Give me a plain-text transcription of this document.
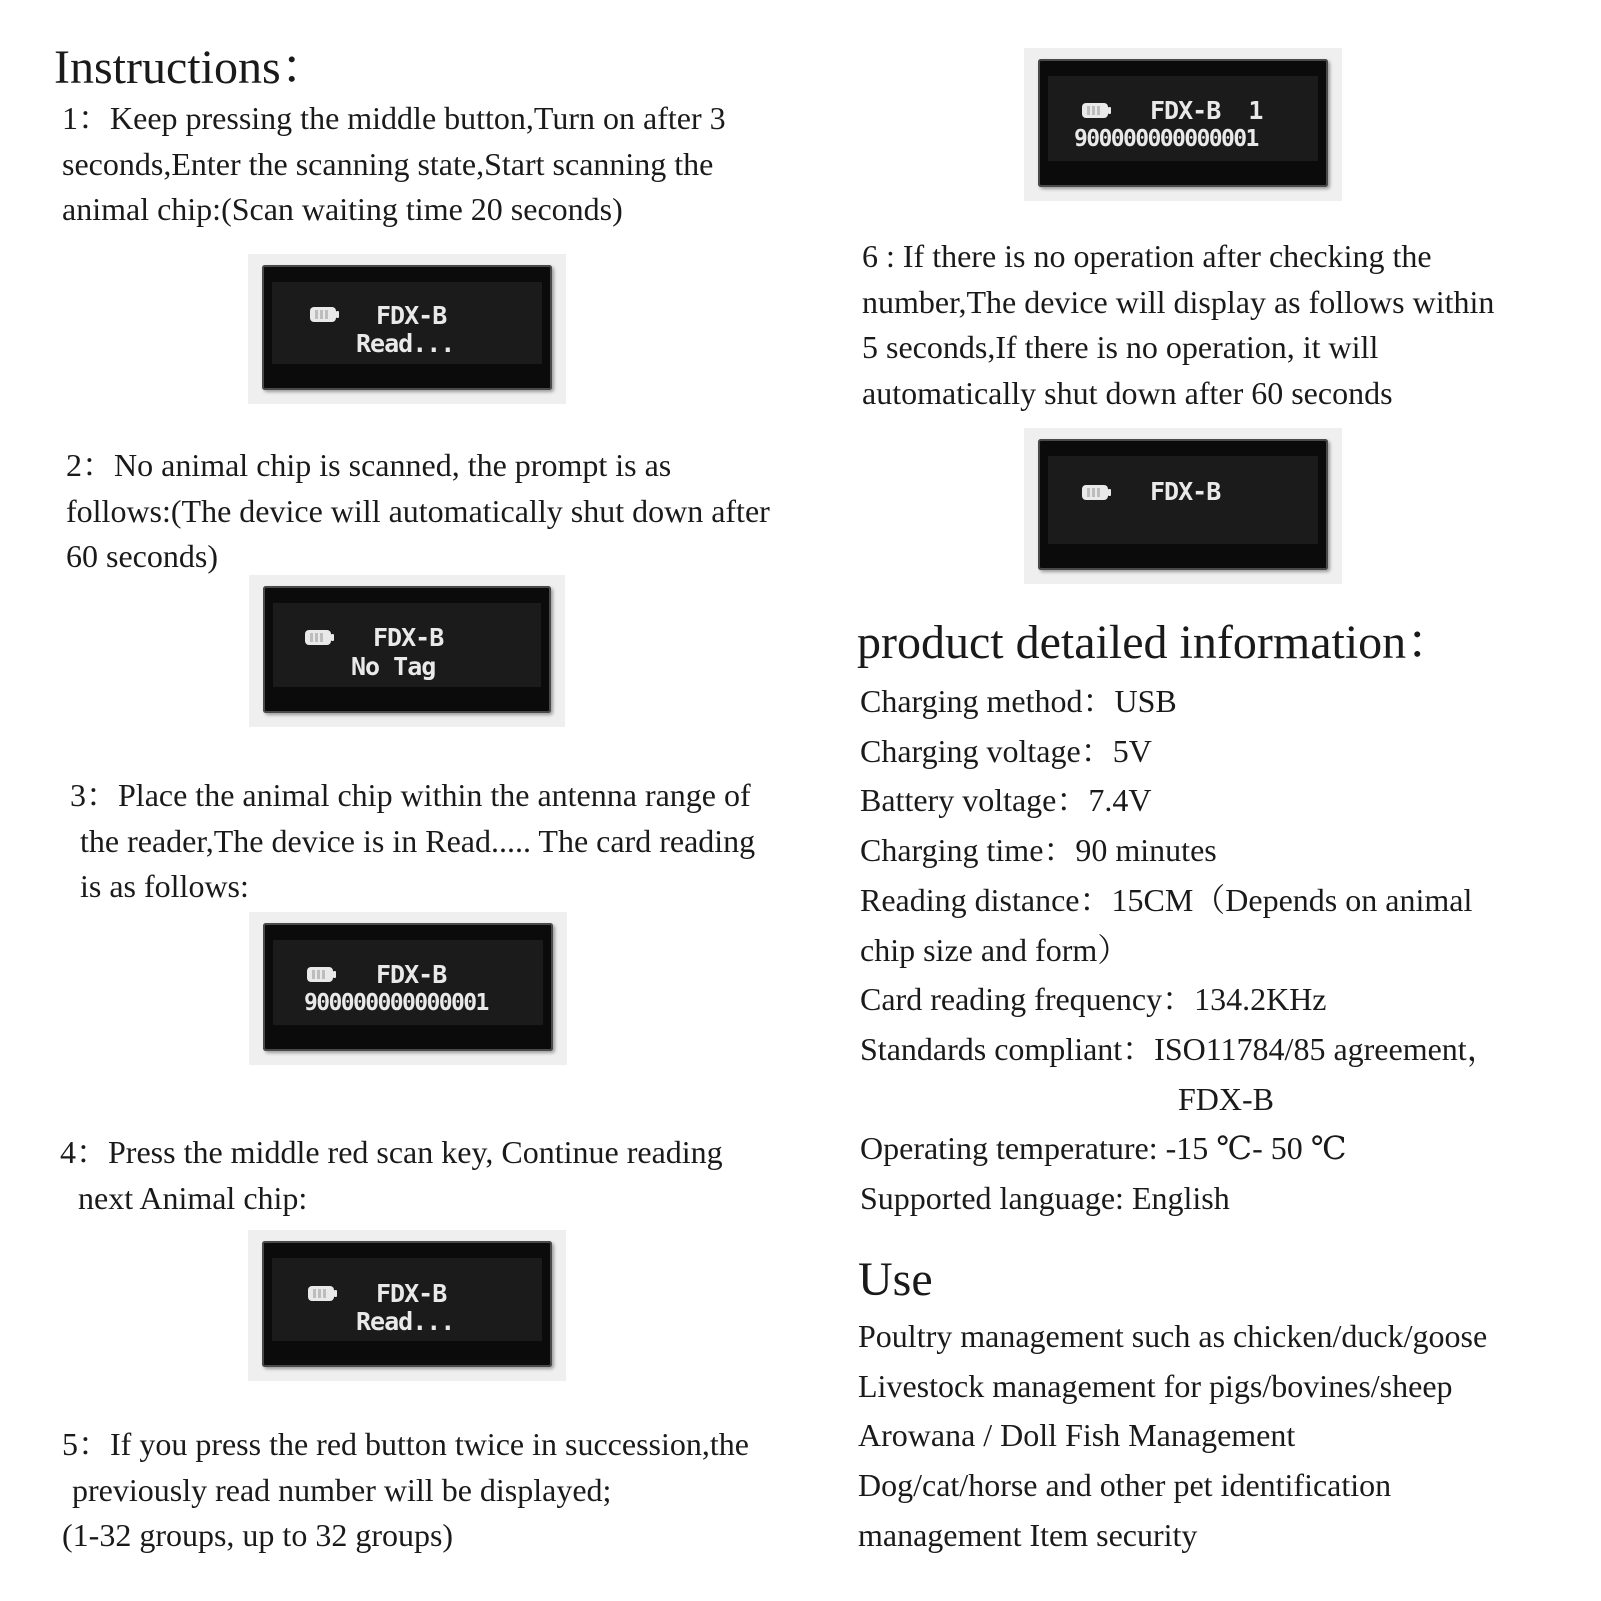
Instructions：
1：Keep pressing the middle button,Turn on after 3
seconds,Enter the scanning state,Start scanning the
animal chip:(Scan waiting time 20 seconds)
FDX-B
Read...
2：No animal chip is scanned, the prompt is as
follows:(The device will automatically shut down after
60 seconds)
FDX-B
No Tag
3：Place the animal chip within the antenna range of
the reader,The device is in Read..... The card reading
is as follows:
FDX-B
900000000000001
4：Press the middle red scan key, Continue reading
next Animal chip:
FDX-B
Read...
5：If you press the red button twice in succession,the
previously read number will be displayed;
(1-32 groups, up to 32 groups)
FDX-B  1
900000000000001
6 : If there is no operation after checking the
number,The device will display as follows within
5 seconds,If there is no operation, it will
automatically shut down after 60 seconds
FDX-B
product detailed information：
Charging method：USB
Charging voltage：5V
Battery voltage：7.4V
Charging time：90 minutes
Reading distance：15CM（Depends on animal
chip size and form）
Card reading frequency：134.2KHz
Standards compliant：ISO11784/85 agreement，
FDX-B
Operating temperature: -15 ℃- 50 ℃
Supported language: English
Use
Poultry management such as chicken/duck/goose
Livestock management for pigs/bovines/sheep
Arowana / Doll Fish Management
Dog/cat/horse and other pet identification
management Item security
